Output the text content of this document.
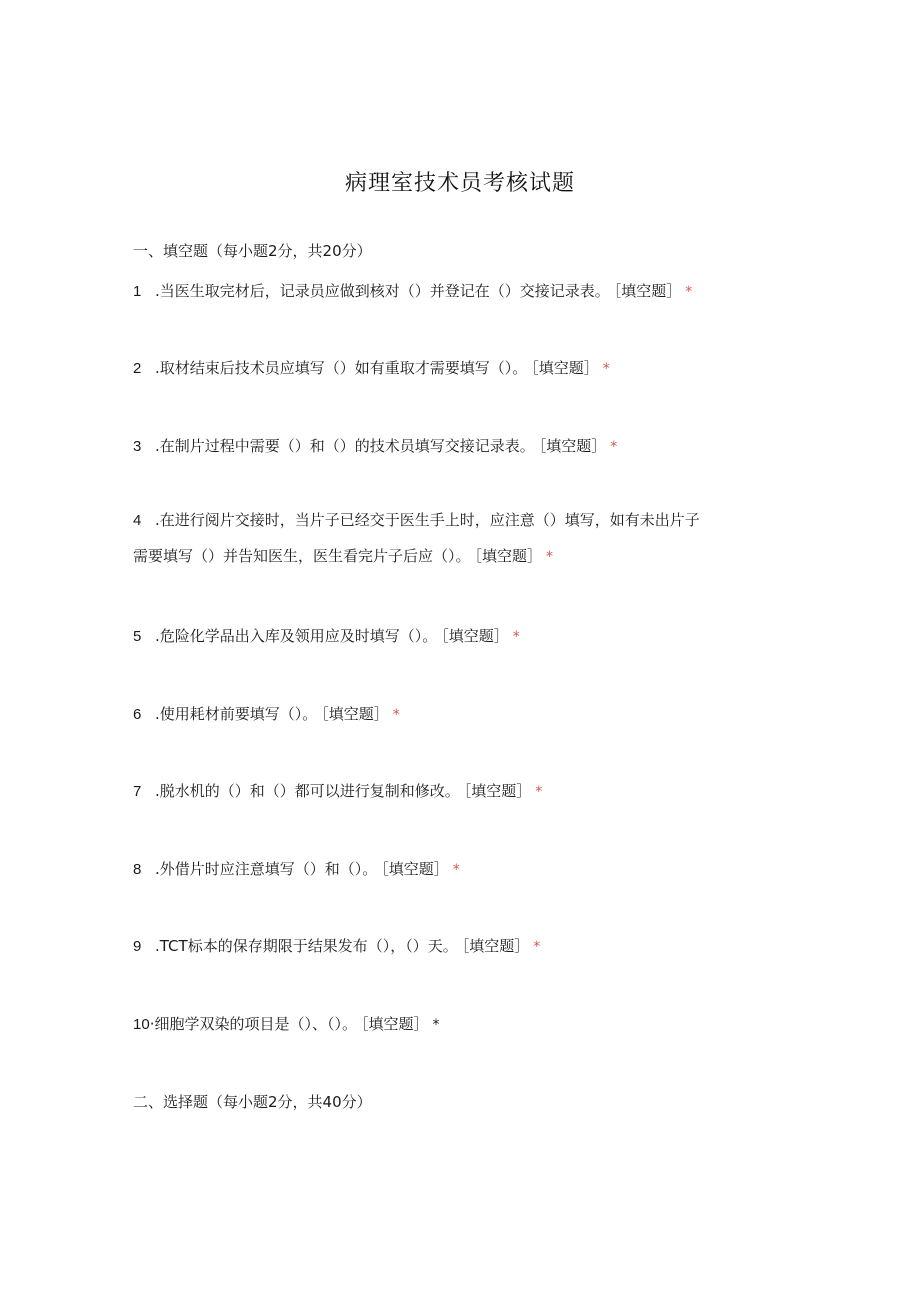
病理室技术员考核试题
一、填空题（每小题2分，共20分）
1 .当医生取完材后，记录员应做到核对（）并登记在（）交接记录表。 ［填空题］ *
2 .取材结束后技术员应填写（）如有重取才需要填写（）。 ［填空题］ *
3 .在制片过程中需要（）和（）的技术员填写交接记录表。 ［填空题］ *
4 .在进行阅片交接时，当片子已经交于医生手上时，应注意（）填写，如有未出片子
需要填写（）并告知医生，医生看完片子后应（）。 ［填空题］ *
5 .危险化学品出入库及领用应及时填写（）。 ［填空题］ *
6 .使用耗材前要填写（）。 ［填空题］ *
7 .脱水机的（）和（）都可以进行复制和修改。 ［填空题］ *
8 .外借片时应注意填写（）和（）。 ［填空题］ *
9 .TCT标本的保存期限于结果发布（），（）天。 ［填空题］ *
10·细胞学双染的项目是（）、（）。 ［填空题］ *
二、选择题（每小题2分，共40分）
